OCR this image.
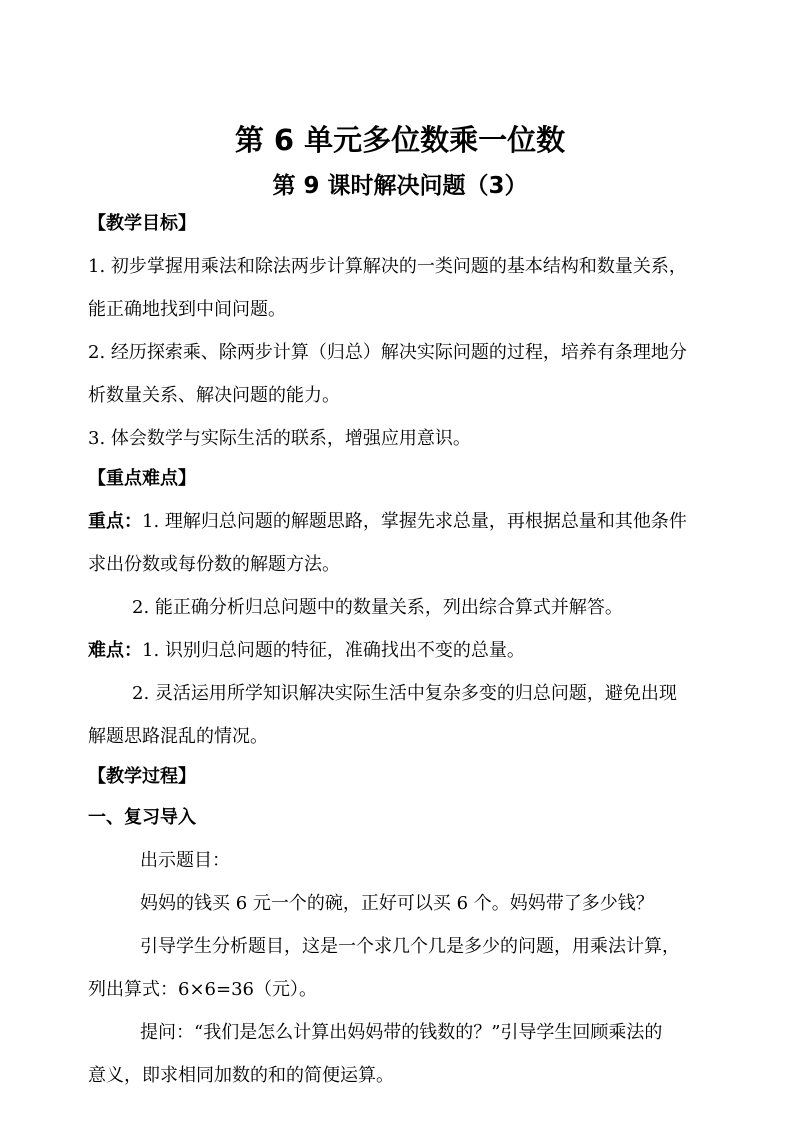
第 6 单元多位数乘一位数
第 9 课时解决问题（3）
【教学目标】
1. 初步掌握用乘法和除法两步计算解决的一类问题的基本结构和数量关系，
能正确地找到中间问题。
2. 经历探索乘、除两步计算（归总）解决实际问题的过程，培养有条理地分
析数量关系、解决问题的能力。
3. 体会数学与实际生活的联系，增强应用意识。
【重点难点】
重点：1. 理解归总问题的解题思路，掌握先求总量，再根据总量和其他条件
求出份数或每份数的解题方法。
2. 能正确分析归总问题中的数量关系，列出综合算式并解答。
难点：1. 识别归总问题的特征，准确找出不变的总量。
2. 灵活运用所学知识解决实际生活中复杂多变的归总问题，避免出现
解题思路混乱的情况。
【教学过程】
一、复习导入
出示题目：
妈妈的钱买 6 元一个的碗，正好可以买 6 个。妈妈带了多少钱？
引导学生分析题目，这是一个求几个几是多少的问题，用乘法计算，
列出算式：6×6=36（元）。
提问：“我们是怎么计算出妈妈带的钱数的？”引导学生回顾乘法的
意义，即求相同加数的和的简便运算。
